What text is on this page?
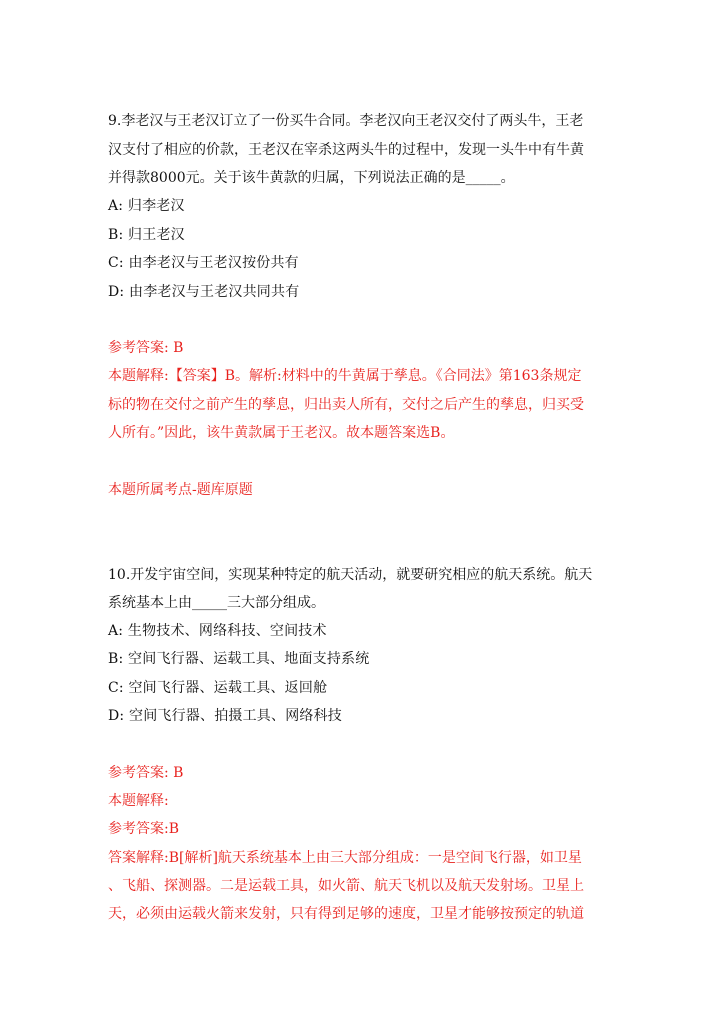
9.李老汉与王老汉订立了一份买牛合同。李老汉向王老汉交付了两头牛，王老
汉支付了相应的价款，王老汉在宰杀这两头牛的过程中，发现一头牛中有牛黄
并得款8000元。关于该牛黄款的归属，下列说法正确的是_____。
A: 归李老汉
B: 归王老汉
C: 由李老汉与王老汉按份共有
D: 由李老汉与王老汉共同共有
参考答案: B
本题解释:【答案】B。解析:材料中的牛黄属于孳息。《合同法》第163条规定
标的物在交付之前产生的孳息，归出卖人所有，交付之后产生的孳息，归买受
人所有。”因此，该牛黄款属于王老汉。故本题答案选B。
本题所属考点-题库原题
10.开发宇宙空间，实现某种特定的航天活动，就要研究相应的航天系统。航天
系统基本上由_____三大部分组成。
A: 生物技术、网络科技、空间技术
B: 空间飞行器、运载工具、地面支持系统
C: 空间飞行器、运载工具、返回舱
D: 空间飞行器、拍摄工具、网络科技
参考答案: B
本题解释:
参考答案:B
答案解释:B[解析]航天系统基本上由三大部分组成：一是空间飞行器，如卫星
、飞船、探测器。二是运载工具，如火箭、航天飞机以及航天发射场。卫星上
天，必须由运载火箭来发射，只有得到足够的速度，卫星才能够按预定的轨道
